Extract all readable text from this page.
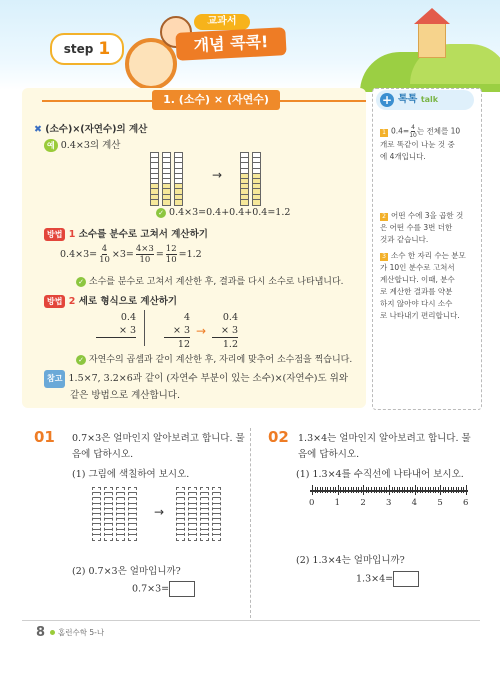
step 1
교과서
개념 콕콕!
1. (소수) × (자연수)
✖ (소수)×(자연수)의 계산
예 0.4×3의 계산
→
✓ 0.4×3=0.4+0.4+0.4=1.2
방법 1 소수를 분수로 고쳐서 계산하기
$0.4\times 3= \frac{4}{10} \times 3= \frac{4\times 3}{10} = \frac{12}{10} =1.2$
✓ 소수를 분수로 고쳐서 계산한 후, 결과를 다시 소수로 나타냅니다.
방법 2 세로 형식으로 계산하기
0.4
× 3
4
× 3
12
→
0.4
× 3
1.2
✓ 자연수의 곱셈과 같이 계산한 후, 자리에 맞추어 소수점을 찍습니다.
참고 1.5×7, 3.2×6과 같이 (자연수 부분이 있는 소수)×(자연수)도 위와
같은 방법으로 계산합니다.
+ 톡톡 talk
1 $0.4= \frac{4}{10}$ 는 전체를 10
개로 똑같이 나눈 것 중
에 4개입니다.
2 어떤 수에 3을 곱한 것
은 어떤 수를 3번 더한
것과 같습니다.
3 소수 한 자리 수는 분모
가 10인 분수로 고쳐서
계산합니다. 이때, 분수
로 계산한 결과를 약분
하지 않아야 다시 소수
로 나타내기 편리합니다.
01 0.7×3은 얼마인지 알아보려고 합니다. 물
음에 답하시오.
(1) 그림에 색칠하여 보시오.
→
(2) 0.7×3은 얼마입니까?
0.7×3=
02 1.3×4는 얼마인지 알아보려고 합니다. 물
음에 답하시오.
(1) 1.3×4를 수직선에 나타내어 보시오.
0 1 2 3 4 5 6
(2) 1.3×4는 얼마입니까?
1.3×4=
8 홈런수학 5-나
